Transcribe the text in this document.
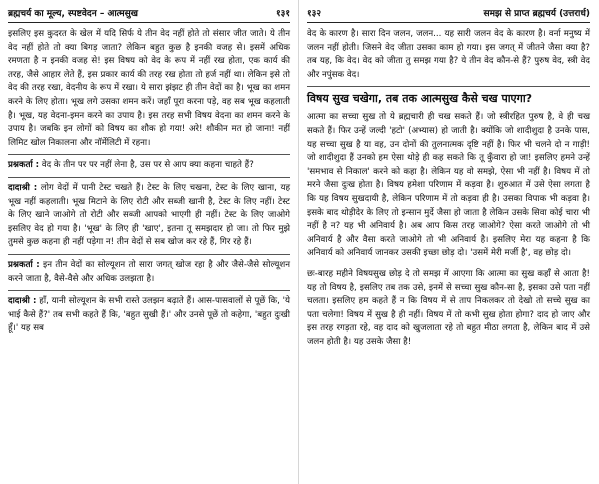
ब्रह्मचर्य का मूल्य, स्पष्टवेदन – आत्मसुख	१३१

इसलिए इस कुदरत के खेल में यदि सिर्फ ये तीन वेद नहीं होते तो संसार जीत जाते। ये तीन वेद नहीं होते तो क्या बिगड़ जाता? लेकिन बहुत कुछ है इनकी वजह से। इसमें अधिक रमणता है न इनकी वजह से! इस विषय को वेद के रूप में नहीं रख होता, एक कार्य की तरह, जैसे आहार लेते हैं, इस प्रकार कार्य की तरह रख होता तो हर्ज नहीं था। लेकिन इसे तो वेद की तरह रखा, वेदनीय के रूप में रखा। ये सारा झंझट ही तीन वेदों का है। भूख का शमन करने के लिए होता। भूख लगे उसका शमन करें। जहाँ पूरा करना पड़े, वह सब भूख कहलाती है। भूख, यह वेदना-इमन करने का उपाय है। इस तरह सभी विषय वेदना का शमन करने के उपाय है। जबकि इन लोगों को विषय का शौक हो गया! अरे! शौकीन मत हो जाना! नहीं लिमिट खोल निकालना और नॉर्मेलिटी में रहना।

प्रश्नकर्ता : वेद के तीन पर पर नहीं लेना है, उस पर से आप क्या कहना चाहते हैं?

दादाश्री : लोग वेदों में पानी टेस्ट चखते हैं। टेस्ट के लिए चखना, टेस्ट के लिए खाना, यह भूख नहीं कहलाती। भूख मिटाने के लिए रोटी और सब्जी खानी है, टेस्ट के लिए नहीं। टेस्ट के लिए खाने जाओगे तो रोटी और सब्जी आपको भाएगी ही नहीं। टेस्ट के लिए जाओगे इसलिए वेद हो गया है। 'भूख' के लिए ही 'खाए', इतना तू समझदार हो जा। तो फिर मुझे तुमसे कुछ कहना ही नहीं पड़ेगा न! तीन वेदों से सब खोज कर रहे हैं, गिर रहे हैं।

प्रश्नकर्ता : इन तीन वेदों का सोल्यूशन तो सारा जगत् खोज रहा है और जैसे-जैसे सोल्यूशन करने जाता है, वैसे-वैसे और अधिक उलझता है।

दादाश्री : हाँ, यानी सोल्यूशन के सभी रास्ते उलझन बढ़ाते हैं। आस-पासवालों से पूछें कि, 'ये भाई कैसे हैं?' तब सभी कहते हैं कि, 'बहुत सुखी हैं।' और उनसे पूछें तो कहेगा, 'बहुत दुःखी हूँ।' यह सब

१३२	समझ से प्राप्त ब्रह्मचर्य (उत्तरार्ध)

वेद के कारण है। सारा दिन जलन, जलन... यह सारी जलन वेद के कारण है। वर्ना मनुष्य में जलन नहीं होती। जिसने वेद जीता उसका काम हो गया। इस जगत् में जीतने जैसा क्या है? तब यह, कि वेद। वेद को जीता तु समझ गया है? ये तीन वेद कौन-से हैं? पुरुष वेद, स्त्री वेद और नपुंसक वेद।

विषय सुख चखेगा, तब तक आत्मसुख कैसे चख पाएगा?

आत्मा का सच्चा सुख तो ये ब्रह्मचारी ही चख सकते हैं। जो स्त्रीरहित पुरुष है, वे ही चख सकते हैं। फिर उन्हें जल्दी 'हटो' (अभ्यास) हो जाती है। क्योंकि जो शादीशुदा है उनके पास, यह सच्चा सुख है या वह, उन दोनों की तुलनात्मक दृष्टि नहीं है। फिर भी चलने दो न गाड़ी! जो शादीशुदा हैं उनको हम ऐसा थोड़े ही कह सकते कि तू कुँवारा हो जा! इसलिए हमने उन्हें 'समभाव से निकाल' करने को कहा है। लेकिन यह वो समझे, ऐसा भी नहीं है। विषय में तो मरने जैसा दुःख होता है। विषय हमेशा परिणाम में कड़वा है। शुरुआत में उसे ऐसा लगता है कि यह विषय सुखदायी है, लेकिन परिणाम में तो कड़वा ही है। उसका विपाक भी कड़वा है। इसके बाद थोड़ीदेर के लिए तो इन्सान मुर्दे जैसा हो जाता है लेकिन उसके सिवा कोई चारा भी नहीं है न? यह भी अनिवार्य है। अब आप किस तरह जाओगे? ऐसा करते जाओगे तो भी अनिवार्य है और वैसा करते जाओगे तो भी अनिवार्य है। इसलिए मेरा यह कहना है कि अनिवार्य को अनिवार्य जानकर उसकी इच्छा छोड़ दो। 'उसमें मेरी मर्जी है', वह छोड़ दो।

छः-बारह महीने विषयसुख छोड़ दे तो समझ में आएगा कि आत्मा का सुख कहाँ से आता है! यह तो विषय है, इसलिए तब तक उसे, इनमें से सच्चा सुख कौन-सा है, इसका उसे पता नहीं चलता। इसलिए हम कहते हैं न कि विषय में से ताप निकलकर तो देखो तो सच्चे सुख का पता चलेगा! विषय में सुख है ही नहीं। विषय में तो कभी सुख होता होगा? दाद हो जाए और इस तरह रगड़ता रहे, वह दाद को खुजलाता रहे तो बहुत मीठा लगता है, लेकिन बाद में उसे जलन होती है। यह उसके जैसा है!
